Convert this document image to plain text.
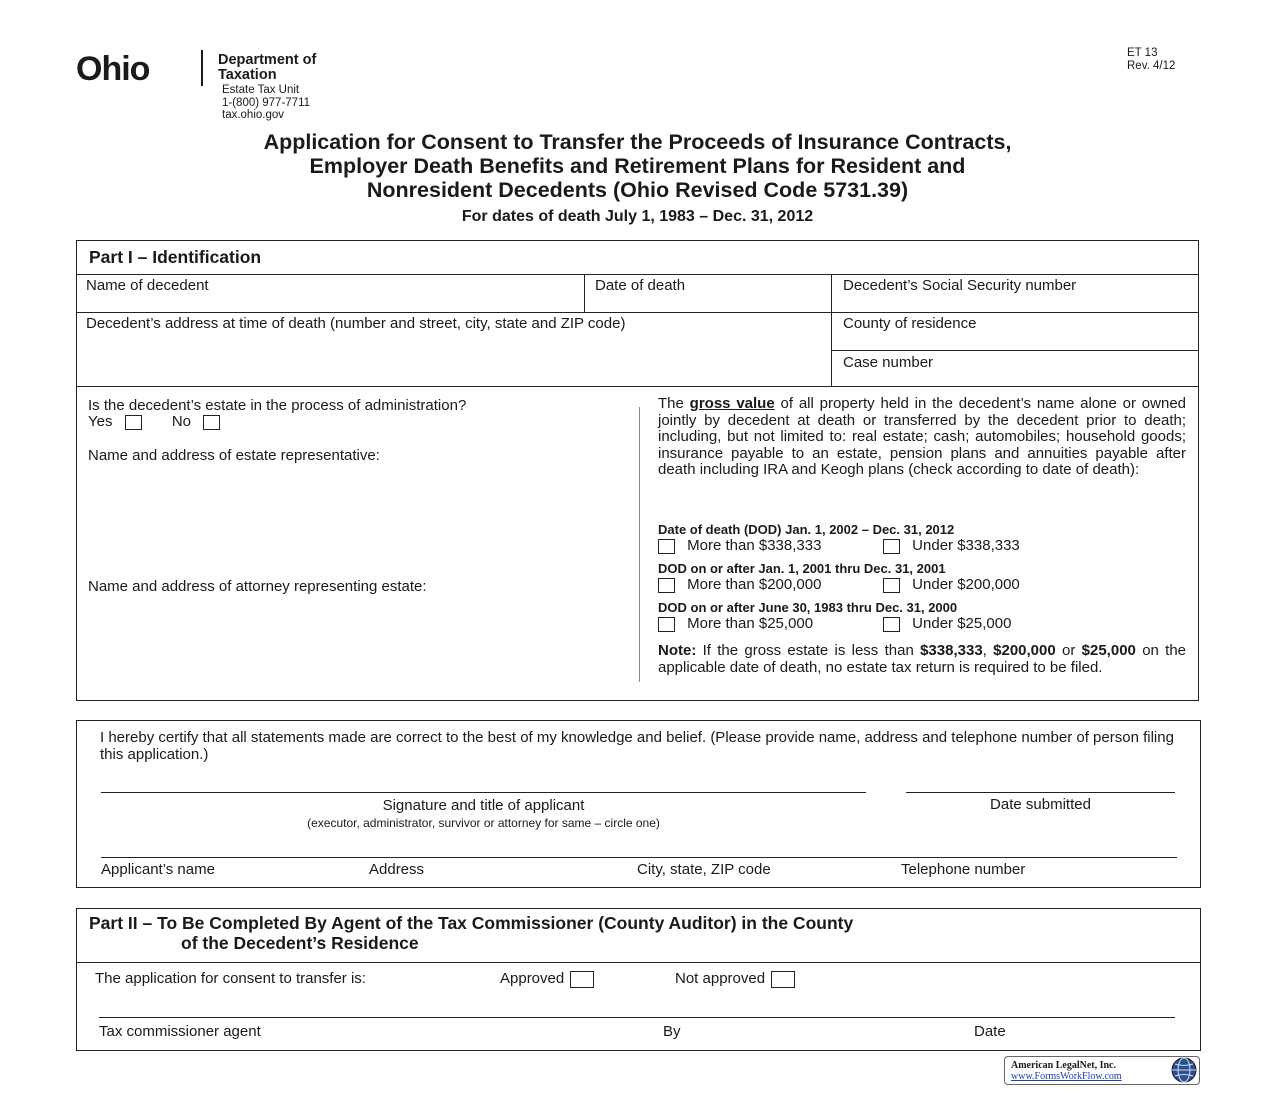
Ohio	Department of
Taxation
Estate Tax Unit
1-(800) 977-7711
tax.ohio.gov
ET 13
Rev. 4/12
Application for Consent to Transfer the Proceeds of Insurance Contracts,
Employer Death Benefits and Retirement Plans for Resident and
Nonresident Decedents (Ohio Revised Code 5731.39)
For dates of death July 1, 1983 – Dec. 31, 2012
Part I – Identification
Name of decedent	Date of death	Decedent’s Social Security number
Decedent’s address at time of death (number and street, city, state and ZIP code)	County of residence
Case number
Is the decedent’s estate in the process of administration?
Yes	No
Name and address of estate representative:
Name and address of attorney representing estate:
The gross value of all property held in the decedent’s name alone or owned jointly by decedent at death or transferred by the decedent prior to death; including, but not limited to: real estate; cash; automobiles; household goods; insurance payable to an estate, pension plans and annuities payable after death including IRA and Keogh plans (check according to date of death):
Date of death (DOD) Jan. 1, 2002 – Dec. 31, 2012
More than $338,333	Under $338,333
DOD on or after Jan. 1, 2001 thru Dec. 31, 2001
More than $200,000	Under $200,000
DOD on or after June 30, 1983 thru Dec. 31, 2000
More than $25,000	Under $25,000
Note: If the gross estate is less than $338,333, $200,000 or $25,000 on the applicable date of death, no estate tax return is required to be filed.
I hereby certify that all statements made are correct to the best of my knowledge and belief. (Please provide name, address and telephone number of person filing this application.)
Signature and title of applicant
(executor, administrator, survivor or attorney for same – circle one)
Date submitted
Applicant’s name	Address	City, state, ZIP code	Telephone number
Part II – To Be Completed By Agent of the Tax Commissioner (County Auditor) in the County
of the Decedent’s Residence
The application for consent to transfer is:	Approved	Not approved
Tax commissioner agent	By	Date
American LegalNet, Inc.
www.FormsWorkFlow.com
